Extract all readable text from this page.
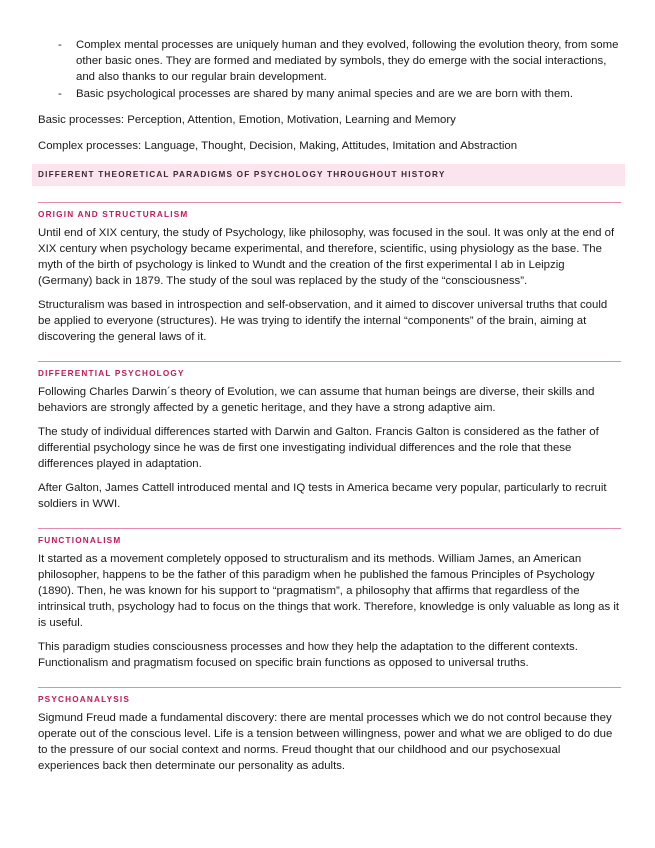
- Complex mental processes are uniquely human and they evolved, following the evolution theory, from some other basic ones. They are formed and mediated by symbols, they do emerge with the social interactions, and also thanks to our regular brain development.
- Basic psychological processes are shared by many animal species and are we are born with them.

Basic processes: Perception, Attention, Emotion, Motivation, Learning and Memory

Complex processes: Language, Thought, Decision, Making, Attitudes, Imitation and Abstraction

DIFFERENT THEORETICAL PARADIGMS OF PSYCHOLOGY THROUGHOUT HISTORY
ORIGIN AND STRUCTURALISM

Until end of XIX century, the study of Psychology, like philosophy, was focused in the soul. It was only at the end of XIX century when psychology became experimental, and therefore, scientific, using physiology as the base. The myth of the birth of psychology is linked to Wundt and the creation of the first experimental l ab in Leipzig (Germany) back in 1879. The study of the soul was replaced by the study of the “consciousness”.

Structuralism was based in introspection and self-observation, and it aimed to discover universal truths that could be applied to everyone (structures). He was trying to identify the internal “components” of the brain, aiming at discovering the general laws of it.

DIFFERENTIAL PSYCHOLOGY

Following Charles Darwin´s theory of Evolution, we can assume that human beings are diverse, their skills and behaviors are strongly affected by a genetic heritage, and they have a strong adaptive aim.

The study of individual differences started with Darwin and Galton. Francis Galton is considered as the father of differential psychology since he was de first one investigating individual differences and the role that these differences played in adaptation.

After Galton, James Cattell introduced mental and IQ tests in America became very popular, particularly to recruit soldiers in WWI.

FUNCTIONALISM

It started as a movement completely opposed to structuralism and its methods. William James, an American philosopher, happens to be the father of this paradigm when he published the famous Principles of Psychology (1890). Then, he was known for his support to “pragmatism”, a philosophy that affirms that regardless of the intrinsical truth, psychology had to focus on the things that work. Therefore, knowledge is only valuable as long as it is useful.

This paradigm studies consciousness processes and how they help the adaptation to the different contexts. Functionalism and pragmatism focused on specific brain functions as opposed to universal truths.

PSYCHOANALYSIS

Sigmund Freud made a fundamental discovery: there are mental processes which we do not control because they operate out of the conscious level. Life is a tension between willingness, power and what we are obliged to do due to the pressure of our social context and norms. Freud thought that our childhood and our psychosexual experiences back then determinate our personality as adults.
